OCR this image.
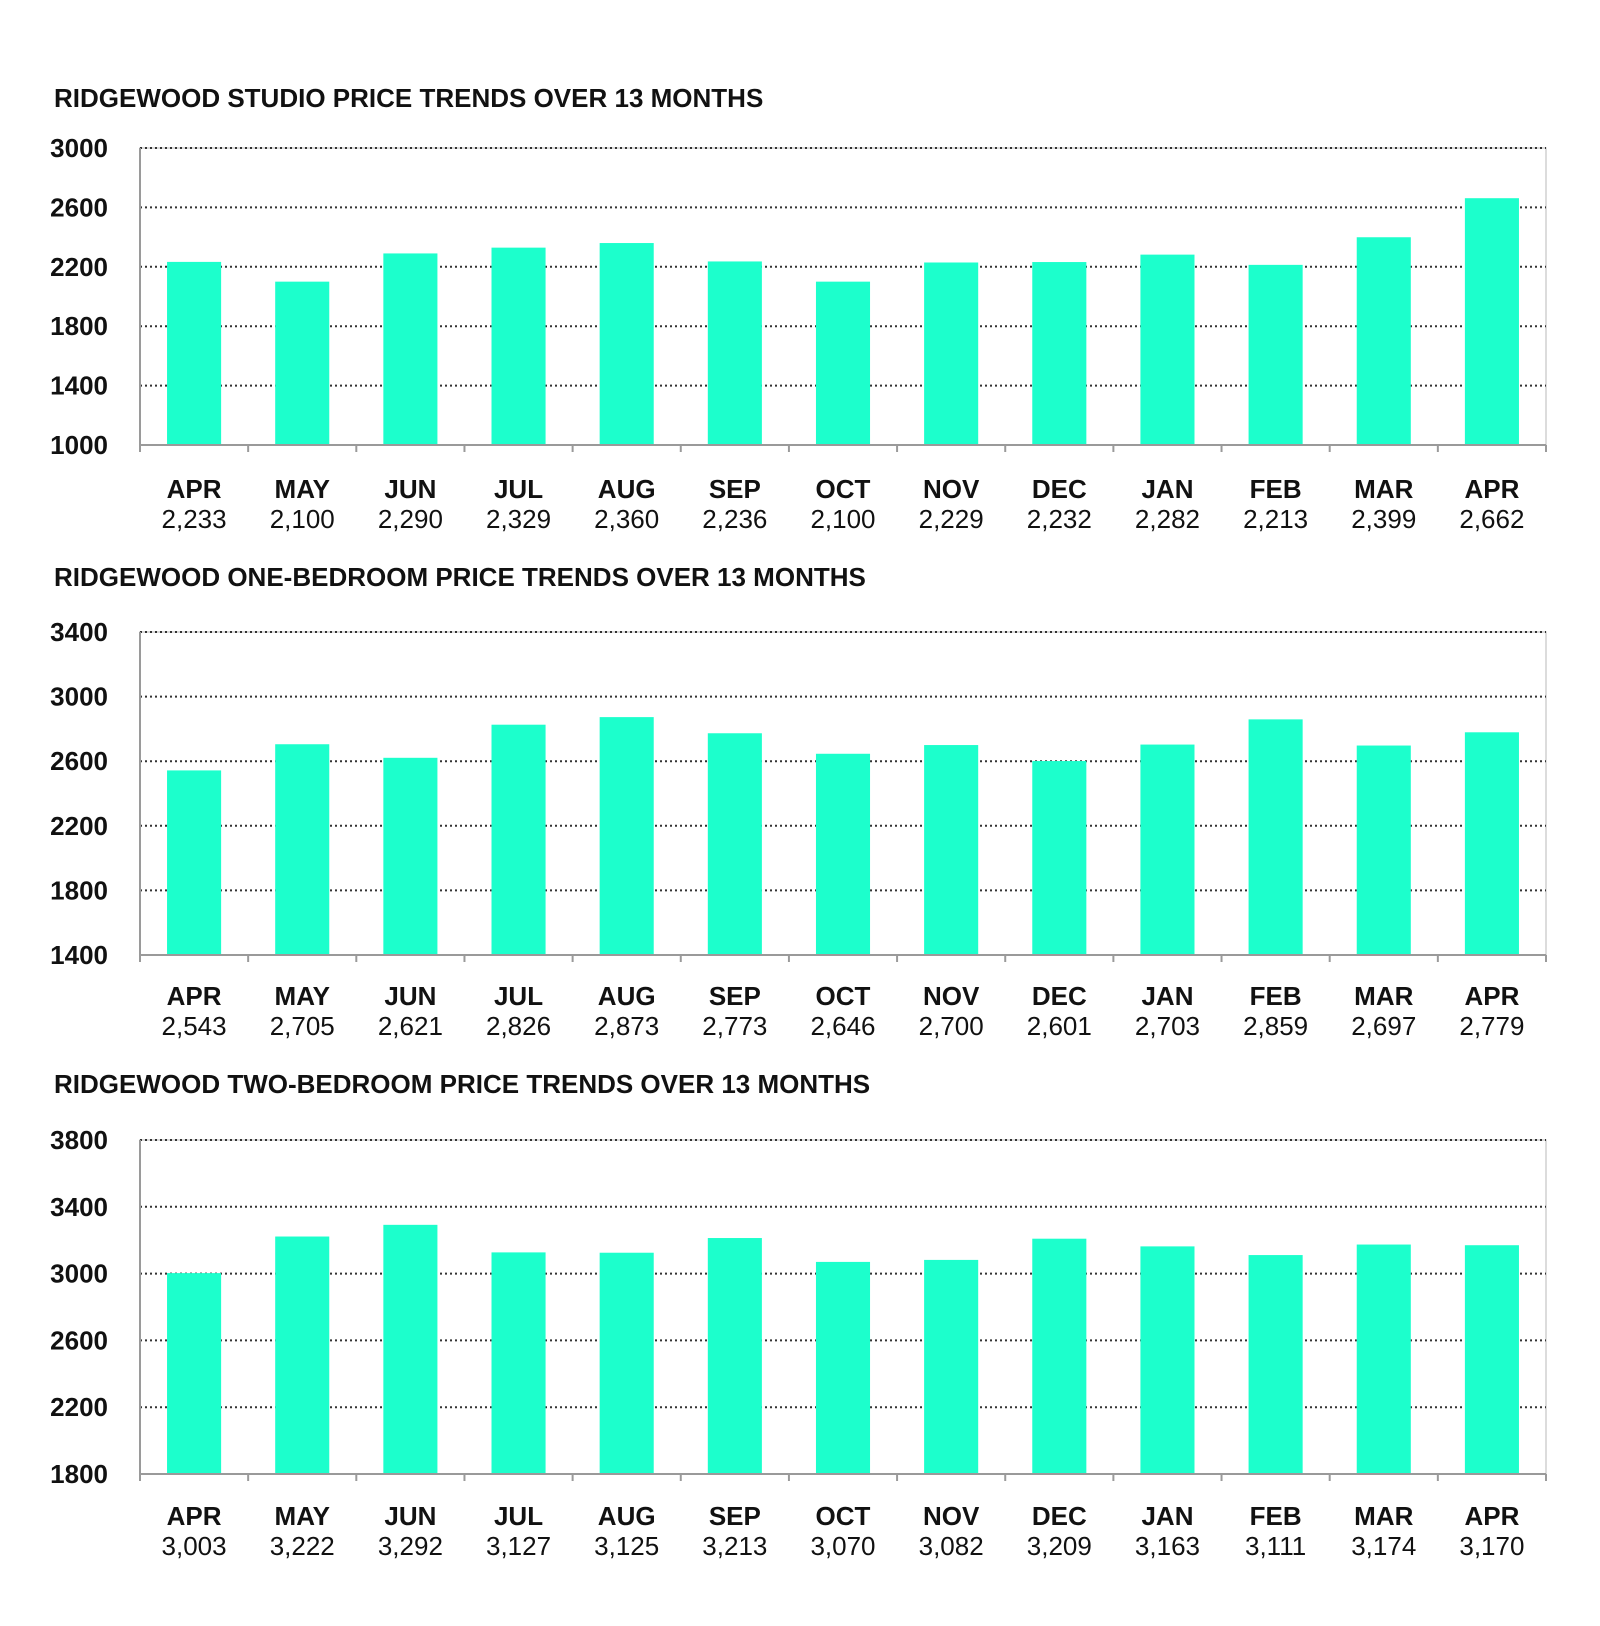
RIDGEWOOD STUDIO PRICE TRENDS OVER 13 MONTHS
3000
2600
2200
1800
1400
1000
APR
2,233
MAY
2,100
JUN
2,290
JUL
2,329
AUG
2,360
SEP
2,236
OCT
2,100
NOV
2,229
DEC
2,232
JAN
2,282
FEB
2,213
MAR
2,399
APR
2,662
RIDGEWOOD ONE-BEDROOM PRICE TRENDS OVER 13 MONTHS
3400
3000
2600
2200
1800
1400
APR
2,543
MAY
2,705
JUN
2,621
JUL
2,826
AUG
2,873
SEP
2,773
OCT
2,646
NOV
2,700
DEC
2,601
JAN
2,703
FEB
2,859
MAR
2,697
APR
2,779
RIDGEWOOD TWO-BEDROOM PRICE TRENDS OVER 13 MONTHS
3800
3400
3000
2600
2200
1800
APR
3,003
MAY
3,222
JUN
3,292
JUL
3,127
AUG
3,125
SEP
3,213
OCT
3,070
NOV
3,082
DEC
3,209
JAN
3,163
FEB
3,111
MAR
3,174
APR
3,170
